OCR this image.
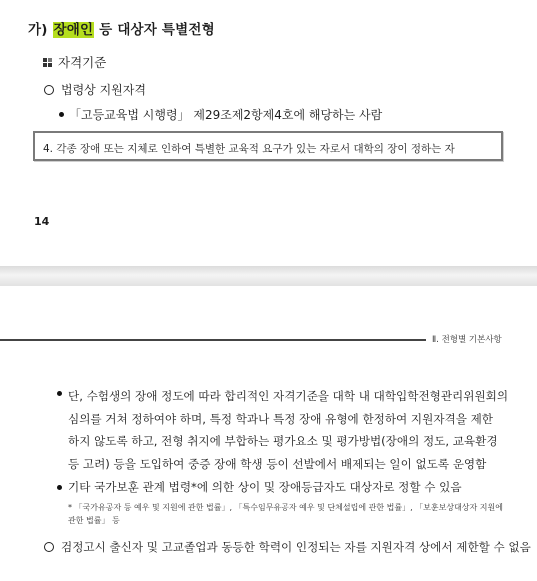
가) 장애인 등 대상자 특별전형
자격기준
법령상 지원자격
「고등교육법 시행령」 제29조제2항제4호에 해당하는 사람
4. 각종 장애 또는 지체로 인하여 특별한 교육적 요구가 있는 자로서 대학의 장이 정하는 자
14
Ⅱ. 전형별 기본사항
단, 수험생의 장애 정도에 따라 합리적인 자격기준을 대학 내 대학입학전형관리위원회의
심의를 거쳐 정하여야 하며, 특정 학과나 특정 장애 유형에 한정하여 지원자격을 제한
하지 않도록 하고, 전형 취지에 부합하는 평가요소 및 평가방법(장애의 정도, 교육환경
등 고려) 등을 도입하여 중증 장애 학생 등이 선발에서 배제되는 일이 없도록 운영함
기타 국가보훈 관계 법령*에 의한 상이 및 장애등급자도 대상자로 정할 수 있음
* 「국가유공자 등 예우 및 지원에 관한 법률」, 「특수임무유공자 예우 및 단체설립에 관한 법률」, 「보훈보상대상자 지원에
관한 법률」 등
검정고시 출신자 및 고교졸업과 동등한 학력이 인정되는 자를 지원자격 상에서 제한할 수 없음
